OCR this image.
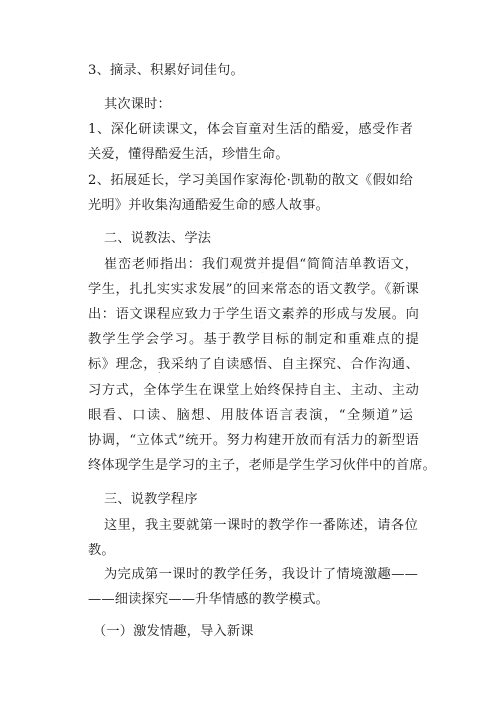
3、摘录、积累好词佳句。
其次课时：
1、深化研读课文，体会盲童对生活的酷爱，感受作者
关爱，懂得酷爱生活，珍惜生命。
2、拓展延长，学习美国作家海伦·凯勒的散文《假如给
光明》并收集沟通酷爱生命的感人故事。
二、说教法、学法
崔峦老师指出：我们观赏并提倡“简简洁单教语文，
学生，扎扎实实求发展”的回来常态的语文教学。《新课
出：语文课程应致力于学生语文素养的形成与发展。向
教学生学会学习。基于教学目标的制定和重难点的提
标》理念，我采纳了自读感悟、自主探究、合作沟通、
习方式，全体学生在课堂上始终保持自主、主动、主动
眼看、口读、脑想、用肢体语言表演，“全频道”运
协调，“立体式”统开。努力构建开放而有活力的新型语
终体现学生是学习的主子，老师是学生学习伙伴中的首席。
三、说教学程序
这里，我主要就第一课时的教学作一番陈述，请各位
教。
为完成第一课时的教学任务，我设计了情境激趣——
——细读探究——升华情感的教学模式。
（一）激发情趣，导入新课
